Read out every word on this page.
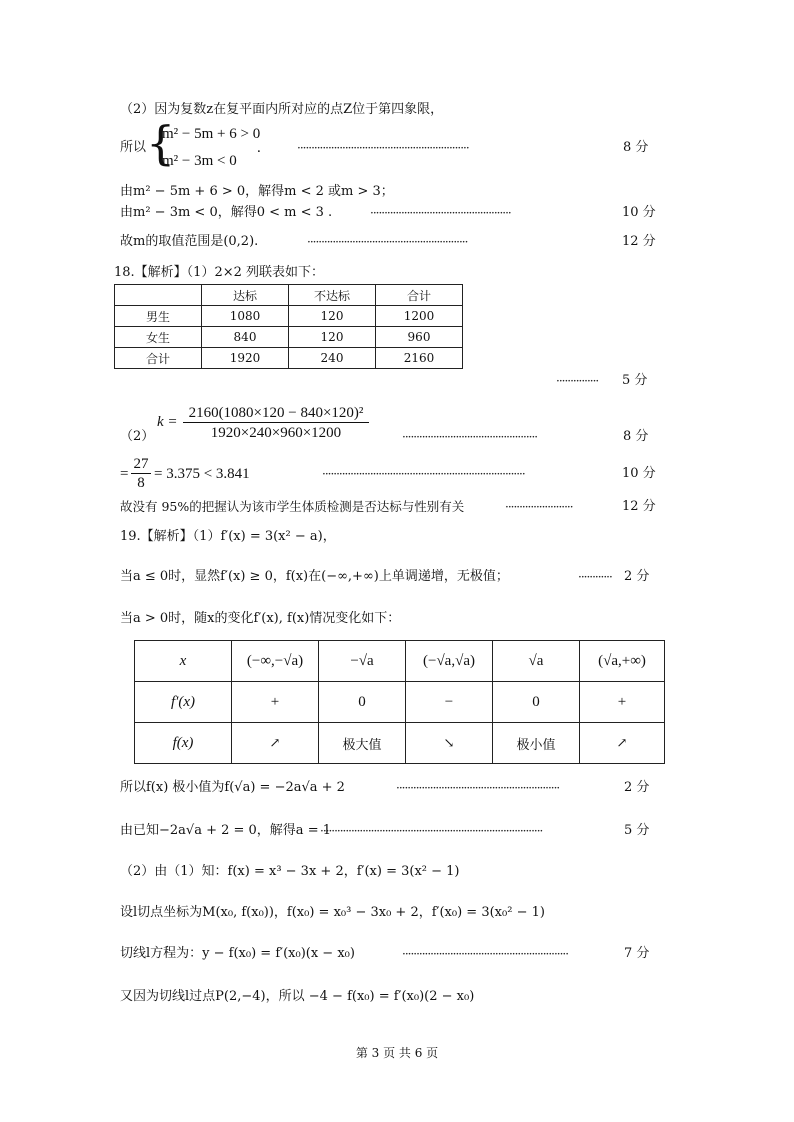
（2）因为复数z在复平面内所对应的点Z位于第四象限，
所以 {
m² − 5m + 6 > 0
m² − 3m < 0
.	·····························································	8 分
由m² − 5m + 6 > 0，解得m < 2 或m > 3；
由m² − 3m < 0，解得0 < m < 3 .	··················································	10 分
故m的取值范围是(0,2).	·························································	12 分
18.【解析】（1）2×2 列联表如下：
	达标	不达标	合计
男生	1080	120	1200
女生	840	120	960
合计	1920	240	2160
··············· 5 分
（2）
k =
2160(1080×120 − 840×120)²
1920×240×960×1200	················································	8 分
=
27
8
= 3.375 < 3.841	········································································	10 分
故没有 95%的把握认为该市学生体质检测是否达标与性别有关	························	12 分
19.【解析】（1）f′(x) = 3(x² − a)，
当a ≤ 0时，显然f′(x) ≥ 0，f(x)在(−∞,+∞)上单调递增，无极值；	············ 2 分
当a > 0时，随x的变化f′(x), f(x)情况变化如下：
x	(−∞,−√a)	−√a	(−√a,√a)	√a	(√a,+∞)
f′(x)	+	0	−	0	+
f(x)	↗	极大值	↘	极小值	↗
所以f(x) 极小值为f(√a) = −2a√a + 2	··························································	2 分
由已知−2a√a + 2 = 0，解得a = 1
···············································································	5 分
（2）由（1）知：f(x) = x³ − 3x + 2，f′(x) = 3(x² − 1)
设l切点坐标为M(x₀, f(x₀))，f(x₀) = x₀³ − 3x₀ + 2，f′(x₀) = 3(x₀² − 1)
切线l方程为：y − f(x₀) = f′(x₀)(x − x₀)	···························································	7 分
又因为切线l过点P(2,−4)，所以 −4 − f(x₀) = f′(x₀)(2 − x₀)
第 3 页 共 6 页
